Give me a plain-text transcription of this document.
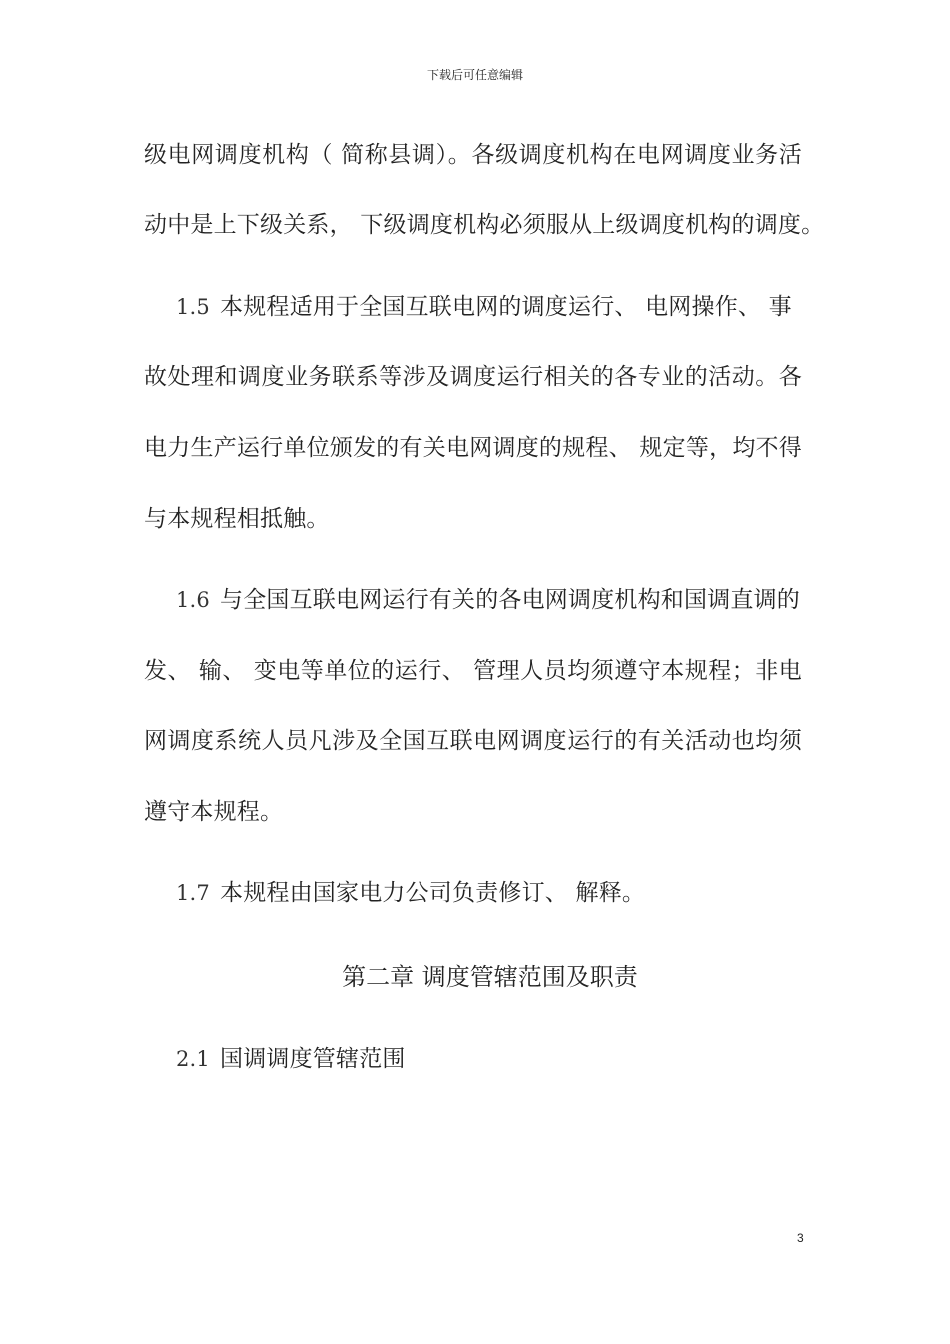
下载后可任意编辑
级电网调度机构（ 简称县调）。各级调度机构在电网调度业务活
动中是上下级关系， 下级调度机构必须服从上级调度机构的调度。
1.5 本规程适用于全国互联电网的调度运行、 电网操作、 事
故处理和调度业务联系等涉及调度运行相关的各专业的活动。各
电力生产运行单位颁发的有关电网调度的规程、 规定等，均不得
与本规程相抵触。
1.6 与全国互联电网运行有关的各电网调度机构和国调直调的
发、 输、 变电等单位的运行、 管理人员均须遵守本规程；非电
网调度系统人员凡涉及全国互联电网调度运行的有关活动也均须
遵守本规程。
1.7 本规程由国家电力公司负责修订、 解释。
第二章 调度管辖范围及职责
2.1 国调调度管辖范围
3
